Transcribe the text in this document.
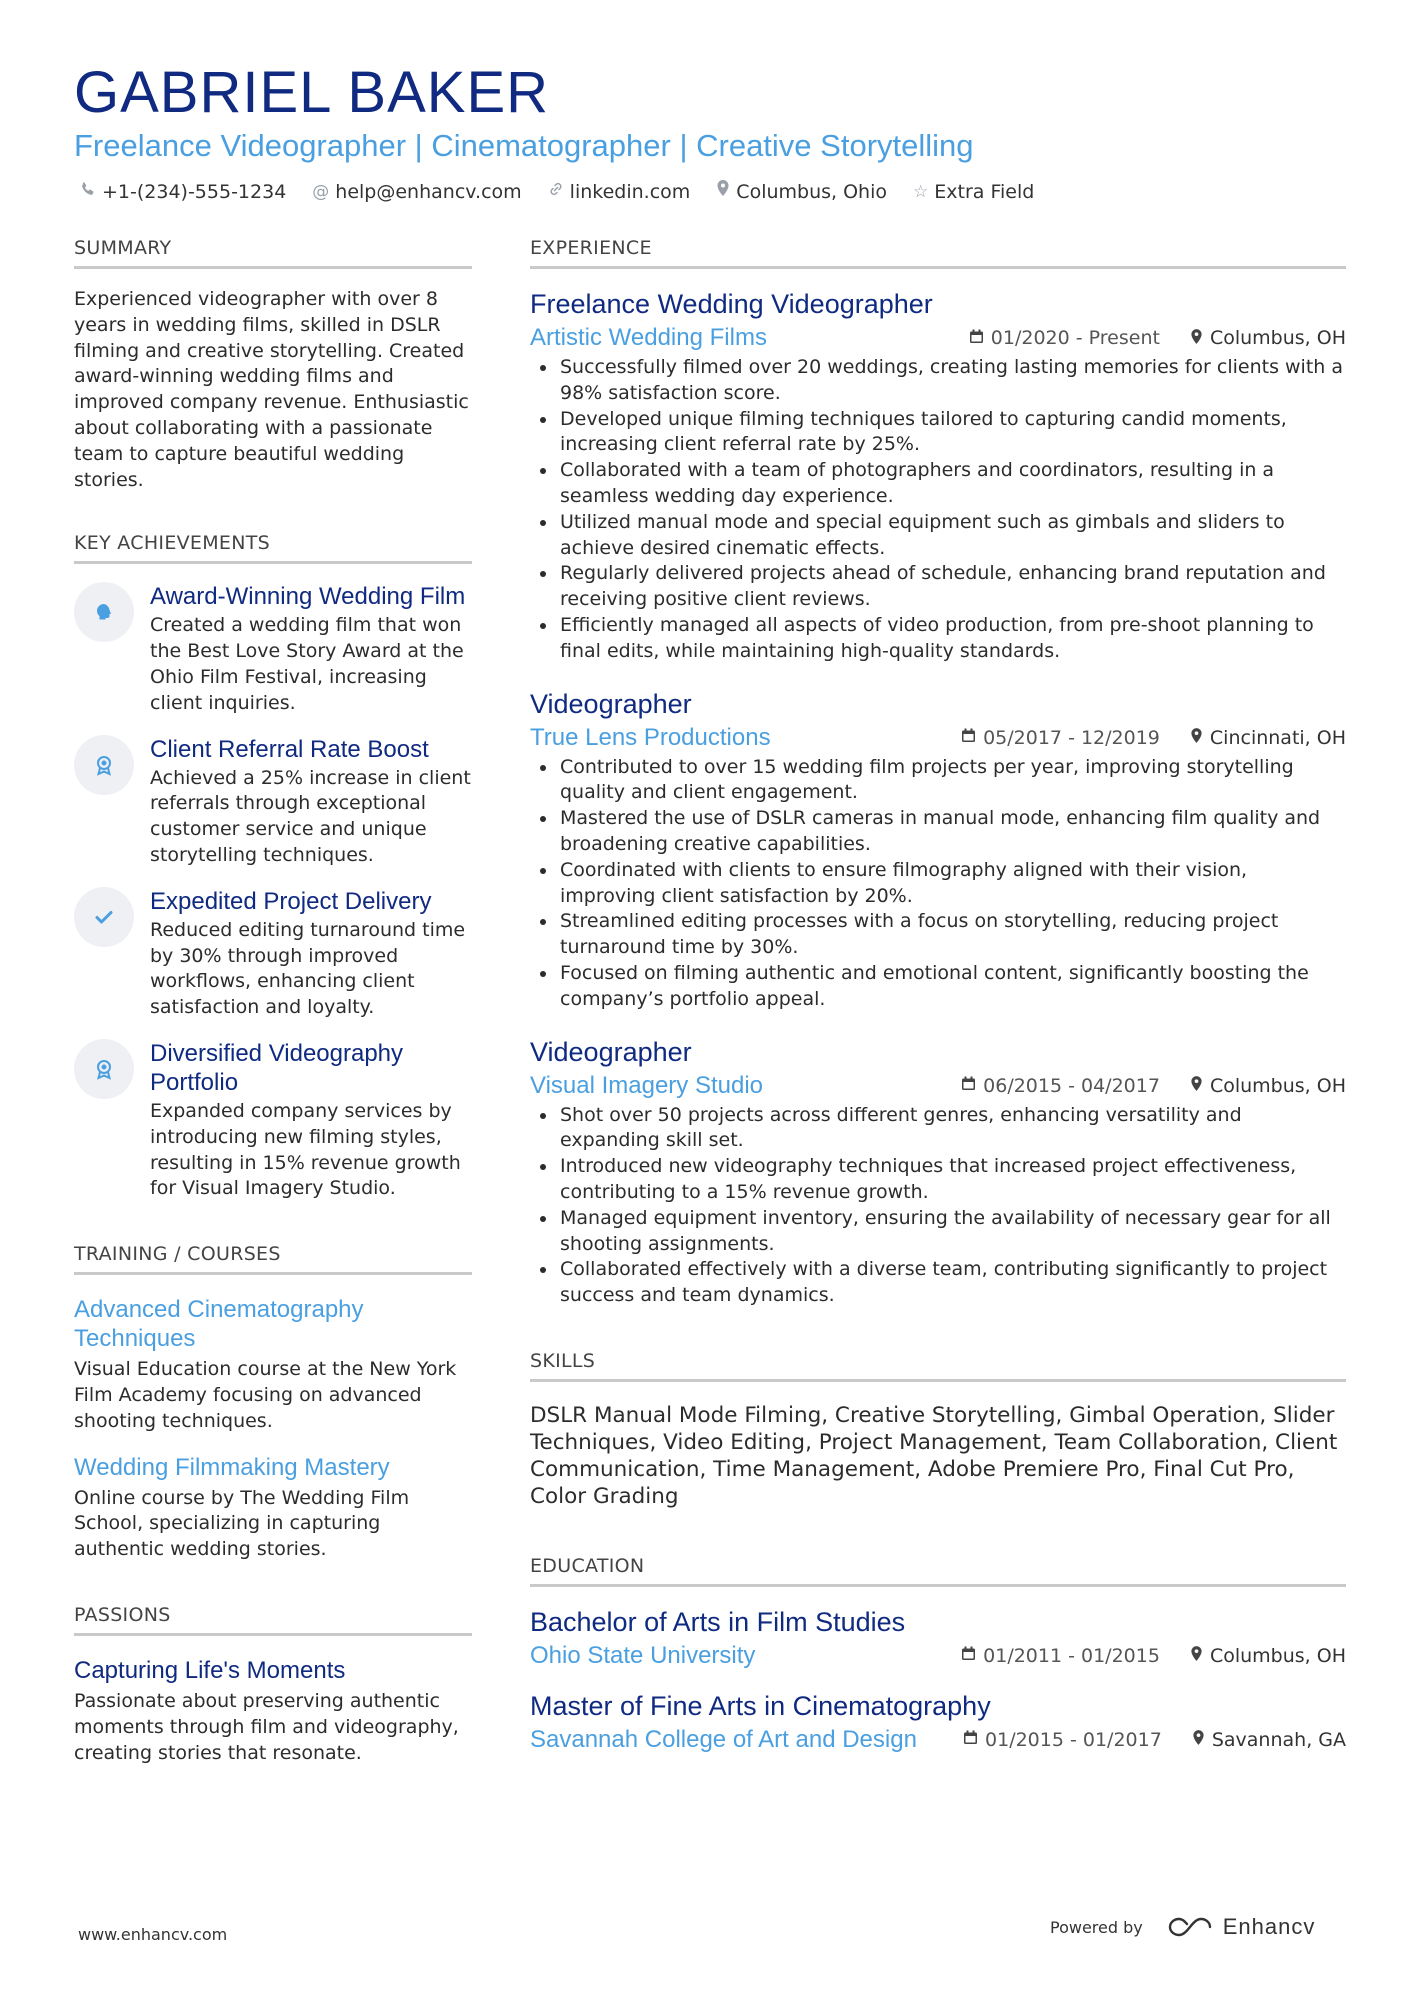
GABRIEL BAKER
Freelance Videographer | Cinematographer | Creative Storytelling
+1-(234)-555-1234 @ help@enhancv.com	linkedin.com Columbus, Ohio ☆ Extra Field
SUMMARY
Experienced videographer with over 8 years in wedding films, skilled in DSLR filming and creative storytelling. Created award-winning wedding films and improved company revenue. Enthusiastic about collaborating with a passionate team to capture beautiful wedding stories.
KEY ACHIEVEMENTS
Award-Winning Wedding Film
Created a wedding film that won the Best Love Story Award at the Ohio Film Festival, increasing client inquiries.
Client Referral Rate Boost
Achieved a 25% increase in client referrals through exceptional customer service and unique storytelling techniques.
Expedited Project Delivery
Reduced editing turnaround time by 30% through improved workflows, enhancing client satisfaction and loyalty.
Diversified Videography Portfolio
Expanded company services by introducing new filming styles, resulting in 15% revenue growth for Visual Imagery Studio.
TRAINING / COURSES
Advanced Cinematography Techniques
Visual Education course at the New York Film Academy focusing on advanced shooting techniques.
Wedding Filmmaking Mastery
Online course by The Wedding Film School, specializing in capturing authentic wedding stories.
PASSIONS
Capturing Life's Moments
Passionate about preserving authentic moments through film and videography, creating stories that resonate.
EXPERIENCE
Freelance Wedding Videographer
Artistic Wedding Films	01/2020 - Present	Columbus, OH
• Successfully filmed over 20 weddings, creating lasting memories for clients with a 98% satisfaction score.
• Developed unique filming techniques tailored to capturing candid moments, increasing client referral rate by 25%.
• Collaborated with a team of photographers and coordinators, resulting in a seamless wedding day experience.
• Utilized manual mode and special equipment such as gimbals and sliders to achieve desired cinematic effects.
• Regularly delivered projects ahead of schedule, enhancing brand reputation and receiving positive client reviews.
• Efficiently managed all aspects of video production, from pre-shoot planning to final edits, while maintaining high-quality standards.
Videographer
True Lens Productions	05/2017 - 12/2019	Cincinnati, OH
• Contributed to over 15 wedding film projects per year, improving storytelling quality and client engagement.
• Mastered the use of DSLR cameras in manual mode, enhancing film quality and broadening creative capabilities.
• Coordinated with clients to ensure filmography aligned with their vision, improving client satisfaction by 20%.
• Streamlined editing processes with a focus on storytelling, reducing project turnaround time by 30%.
• Focused on filming authentic and emotional content, significantly boosting the company’s portfolio appeal.
Videographer
Visual Imagery Studio	06/2015 - 04/2017	Columbus, OH
• Shot over 50 projects across different genres, enhancing versatility and expanding skill set.
• Introduced new videography techniques that increased project effectiveness, contributing to a 15% revenue growth.
• Managed equipment inventory, ensuring the availability of necessary gear for all shooting assignments.
• Collaborated effectively with a diverse team, contributing significantly to project success and team dynamics.
SKILLS
DSLR Manual Mode Filming, Creative Storytelling, Gimbal Operation, Slider Techniques, Video Editing, Project Management, Team Collaboration, Client Communication, Time Management, Adobe Premiere Pro, Final Cut Pro, Color Grading
EDUCATION
Bachelor of Arts in Film Studies
Ohio State University	01/2011 - 01/2015	Columbus, OH
Master of Fine Arts in Cinematography
Savannah College of Art and Design	01/2015 - 01/2017	Savannah, GA
www.enhancv.com	Powered by	Enhancv
